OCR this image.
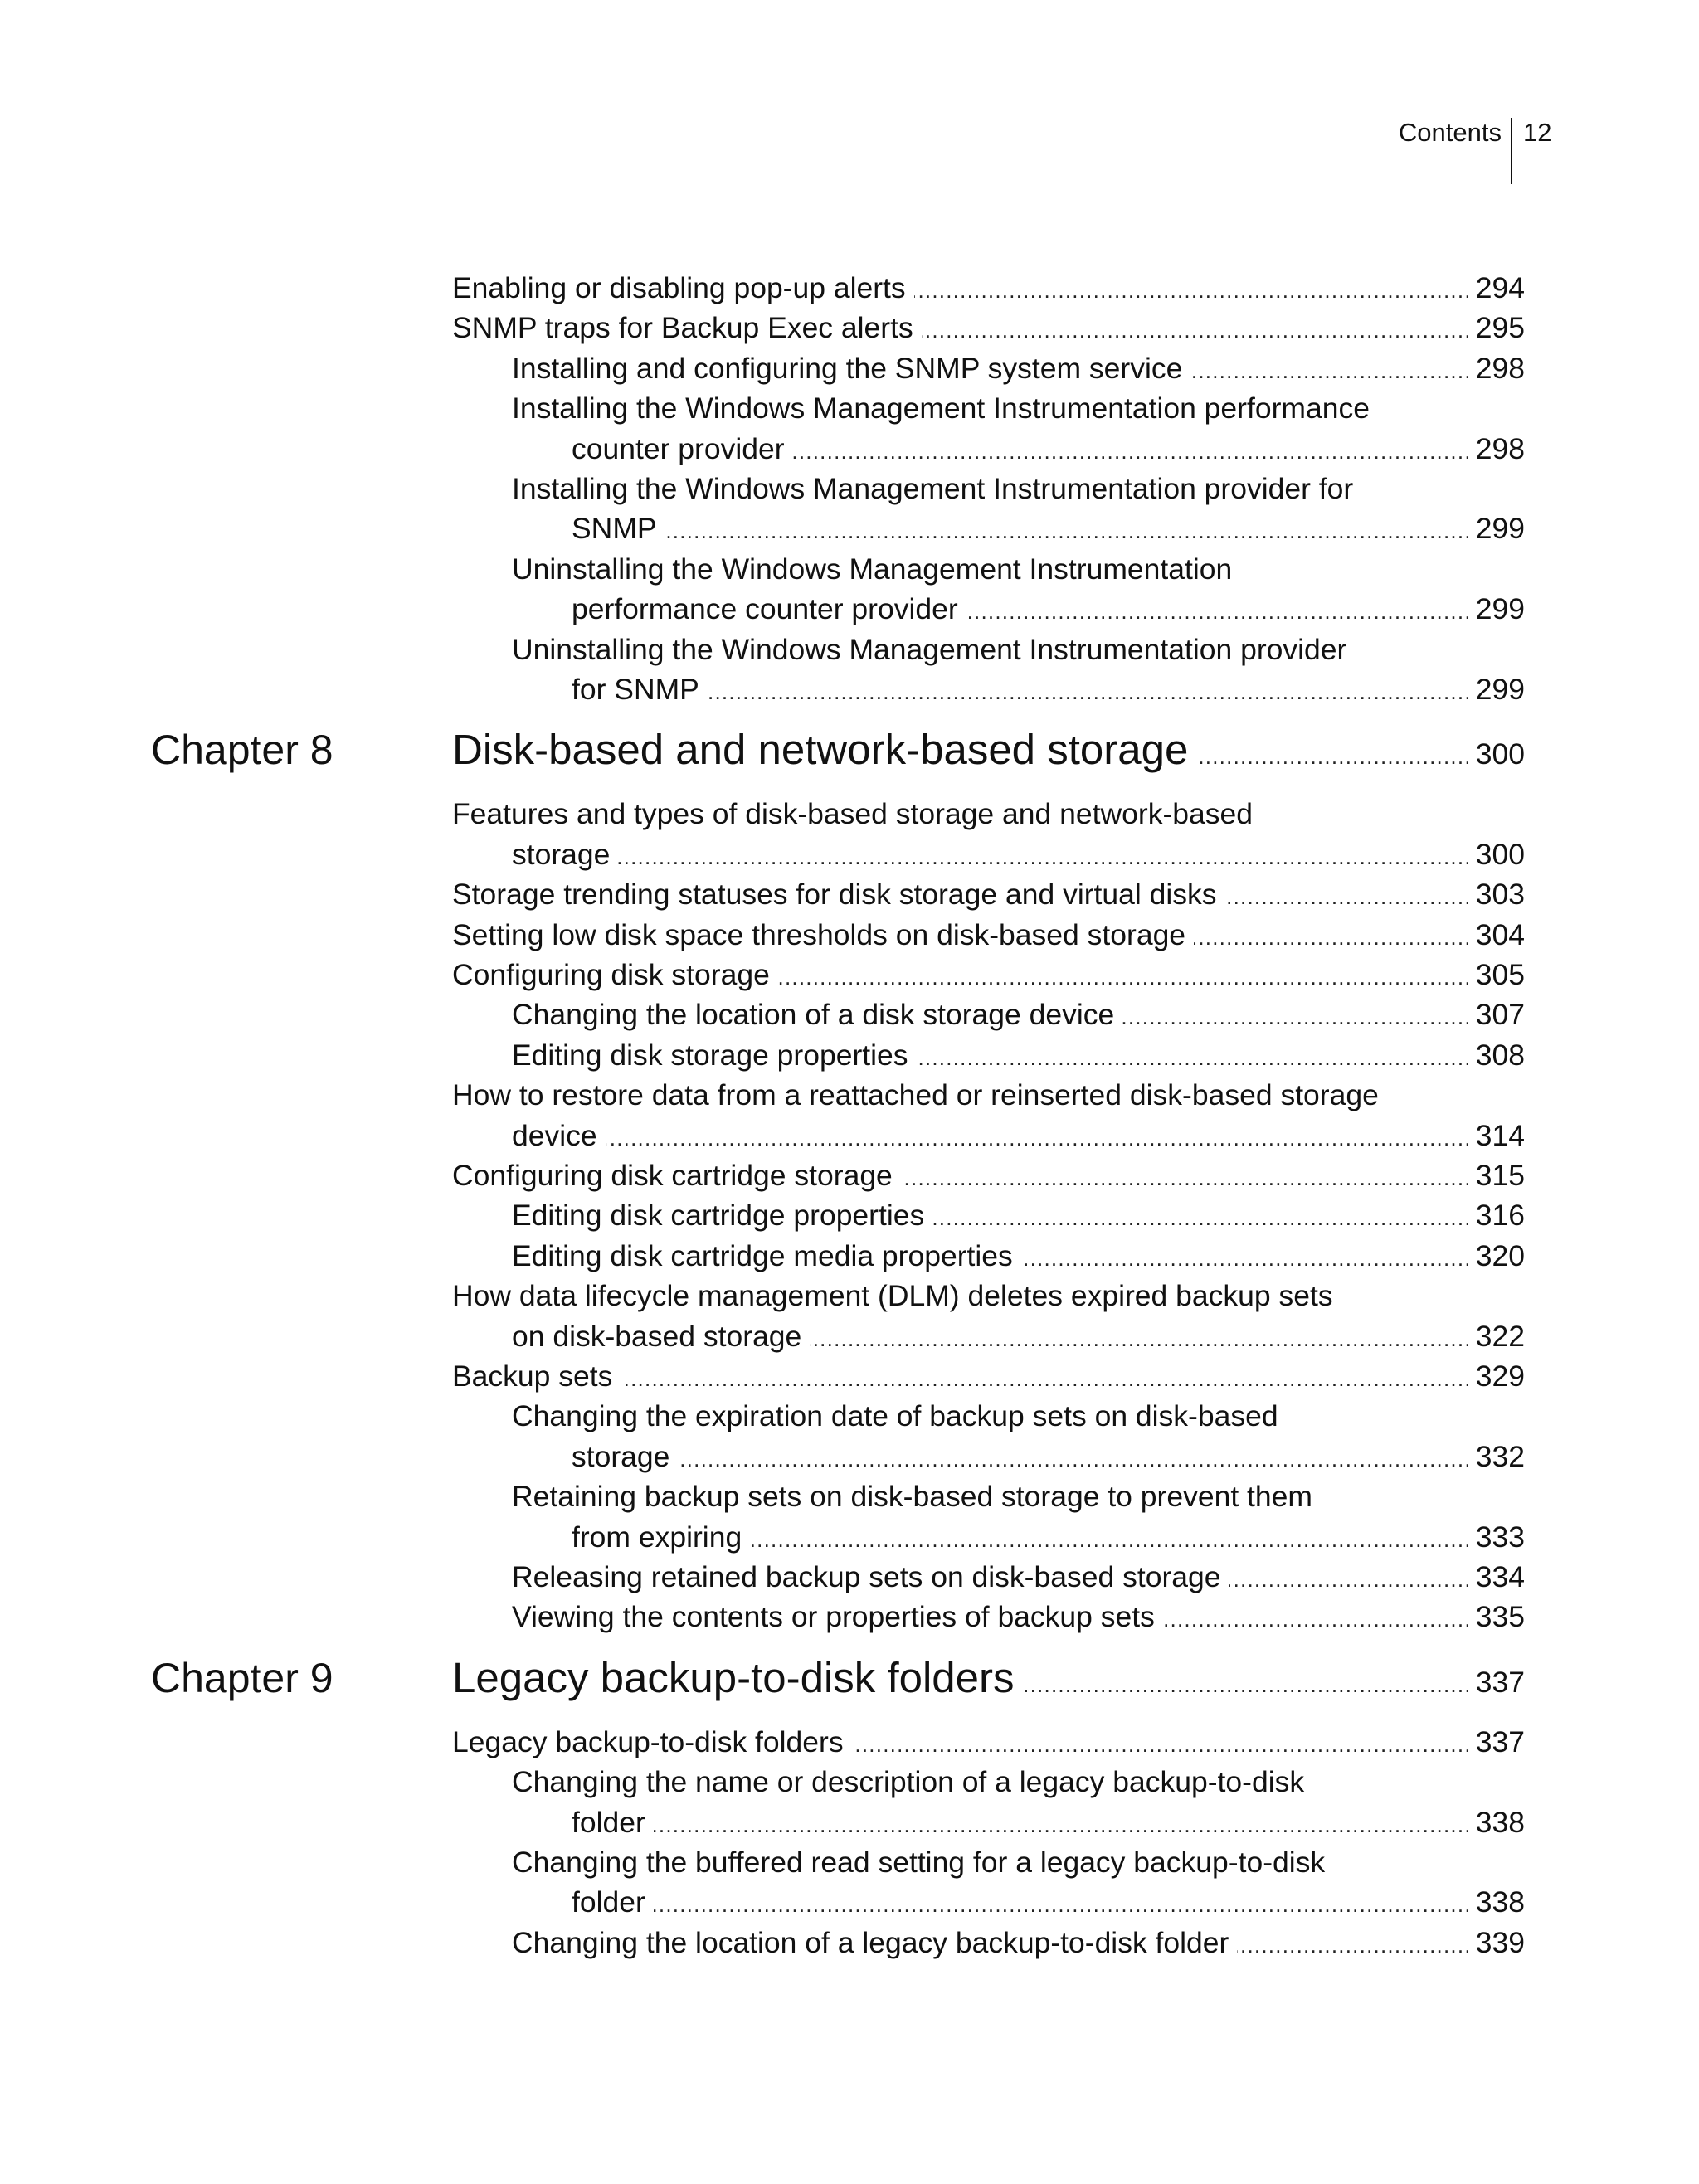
Contents 12
. . .
Enabling or disabling pop-up alerts	294
. . .
SNMP traps for Backup Exec alerts	295
. . .
Installing and configuring the SNMP system service	298
Installing the Windows Management Instrumentation performance
. . .
counter provider	298
Installing the Windows Management Instrumentation provider for
. . .
SNMP	299
Uninstalling the Windows Management Instrumentation
. . .
performance counter provider	299
Uninstalling the Windows Management Instrumentation provider
. . .
for SNMP	299
Chapter 8 . . .	Disk-based and network-based storage	300
Features and types of disk-based storage and network-based
. . .
storage	300
. . .
Storage trending statuses for disk storage and virtual disks	303
. . .
Setting low disk space thresholds on disk-based storage	304
. . .
Configuring disk storage	305
. . .
Changing the location of a disk storage device	307
. . .
Editing disk storage properties	308
How to restore data from a reattached or reinserted disk-based storage
. . .
device	314
. . .
Configuring disk cartridge storage	315
. . .
Editing disk cartridge properties	316
. . .
Editing disk cartridge media properties	320
How data lifecycle management (DLM) deletes expired backup sets
. . .
on disk-based storage	322
. . .
Backup sets	329
Changing the expiration date of backup sets on disk-based
. . .
storage	332
Retaining backup sets on disk-based storage to prevent them
. . .
from expiring	333
. . .
Releasing retained backup sets on disk-based storage	334
. . .
Viewing the contents or properties of backup sets	335
Chapter 9 . . .	Legacy backup-to-disk folders	337
. . .
Legacy backup-to-disk folders	337
Changing the name or description of a legacy backup-to-disk
. . .
folder	338
Changing the buffered read setting for a legacy backup-to-disk
. . .
folder	338
. . .
Changing the location of a legacy backup-to-disk folder	339
